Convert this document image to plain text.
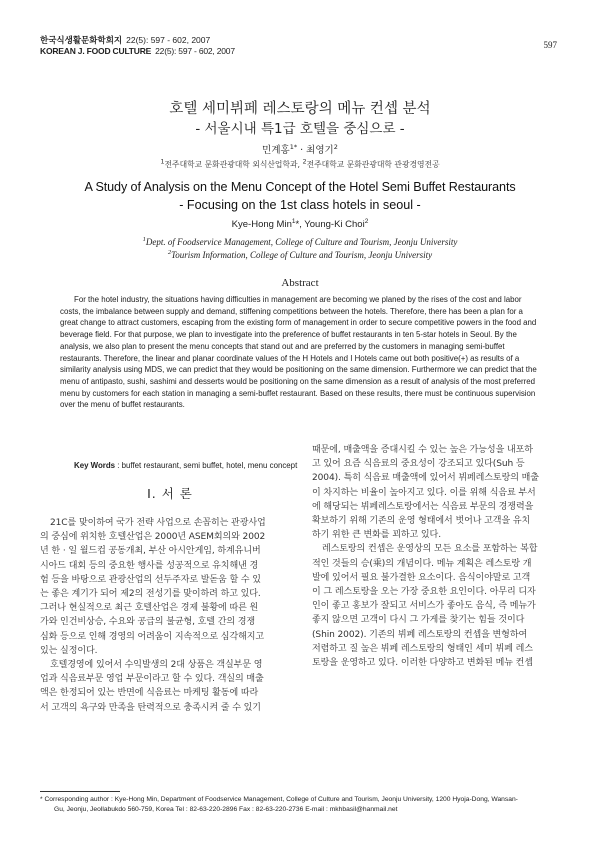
한국식생활문화학회지 22(5): 597 - 602, 2007
KOREAN J. FOOD CULTURE 22(5): 597 - 602, 2007
597
호텔 세미뷔페 레스토랑의 메뉴 컨셉 분석
- 서울시내 특1급 호텔을 중심으로 -
민계홍$^{1*}$ · 최영기$^2$
$^1$전주대학교 문화관광대학 외식산업학과, $^2$전주대학교 문화관광대학 관광경영전공
A Study of Analysis on the Menu Concept of the Hotel Semi Buffet Restaurants
- Focusing on the 1st class hotels in seoul -
Kye-Hong Min$^1$*, Young-Ki Choi$^2$
$^1$Dept. of Foodservice Management, College of Culture and Tourism, Jeonju University
$^2$Tourism Information, College of Culture and Tourism, Jeonju University
Abstract

For the hotel industry, the situations having difficulties in management are becoming we planed by the rises of the cost and labor costs, the imbalance between supply and demand, stiffening competitions between the hotels. Therefore, there has been a plan for a great change to attract customers, escaping from the existing form of management in order to secure competitive powers in the food and beverage field. For that purpose, we plan to investigate into the preference of buffet restaurants in ten 5-star hotels in Seoul. By the analysis, we also plan to present the menu concepts that stand out and are preferred by the customers in managing semi-buffet restaurants. Therefore, the linear and planar coordinate values of the H Hotels and I Hotels came out both positive(+) as results of a similarity analysis using MDS, we can predict that they would be positioning on the same dimension. Furthermore we can predict that the menu of antipasto, sushi, sashimi and desserts would be positioning on the same dimension as a result of analysis of the most preferred menu by customers for each station in managing a semi-buffet restaurant. Based on these results, there must be continuous supervision over the menu of buffet restaurants.

Key Words : buffet restaurant, semi buffet, hotel, menu concept
I. 서 론
21C를 맞이하여 국가 전략 사업으로 손꼽히는 관광사업
의 중심에 위치한 호텔산업은 2000년 ASEM회의와 2002
년 한 · 일 월드컵 공동개최, 부산 아시안게임, 하계유니버
시아드 대회 등의 중요한 행사를 성공적으로 유치해낸 경
험 등을 바탕으로 관광산업의 선두주자로 발돋움 할 수 있
는 좋은 계기가 되어 제2의 전성기를 맞이하려 하고 있다.
그러나 현실적으로 최근 호텔산업은 경제 불황에 따른 원
가와 인건비상승, 수요와 공급의 불균형, 호텔 간의 경쟁
심화 등으로 인해 경영의 어려움이 지속적으로 심각해지고
있는 실정이다.
호텔경영에 있어서 수익발생의 2대 상품은 객실부문 영
업과 식음료부문 영업 부문이라고 할 수 있다. 객실의 매출
액은 한정되어 있는 반면에 식음료는 마케팅 활동에 따라
서 고객의 욕구와 만족을 탄력적으로 충족시켜 줄 수 있기
때문에, 매출액을 증대시킬 수 있는 높은 가능성을 내포하
고 있어 요즘 식음료의 중요성이 강조되고 있다(Suh 등
2004). 특히 식음료 매출액에 있어서 뷔페레스토랑의 매출
이 차지하는 비율이 높아지고 있다. 이를 위해 식음료 부서
에 해당되는 뷔페레스토랑에서는 식음료 부문의 경쟁력을
확보하기 위해 기존의 운영 형태에서 벗어나 고객을 유치
하기 위한 큰 변화를 꾀하고 있다.
레스토랑의 컨셉은 운영상의 모든 요소를 포함하는 복합
적인 것들의 승(乘)의 개념이다. 메뉴 계획은 레스토랑 개
발에 있어서 필요 불가결한 요소이다. 음식이야말로 고객
이 그 레스토랑을 오는 가장 중요한 요인이다. 아무리 디자
인이 좋고 홍보가 잘되고 서비스가 좋아도 음식, 즉 메뉴가
좋지 않으면 고객이 다시 그 가게를 찾기는 힘들 것이다
(Shin 2002). 기존의 뷔페 레스토랑의 컨셉을 변형하여
저렴하고 질 높은 뷔페 레스토랑의 형태인 세미 뷔페 레스
토랑을 운영하고 있다. 이러한 다양하고 변화된 메뉴 컨셉
* Corresponding author : Kye-Hong Min, Department of Foodservice Management, College of Culture and Tourism, Jeonju University, 1200 Hyoja-Dong, Wansan-
Gu, Jeonju, Jeollabukdo 560-759, Korea Tel : 82-63-220-2896 Fax : 82-63-220-2736 E-mail : mkhbasil@hanmail.net
